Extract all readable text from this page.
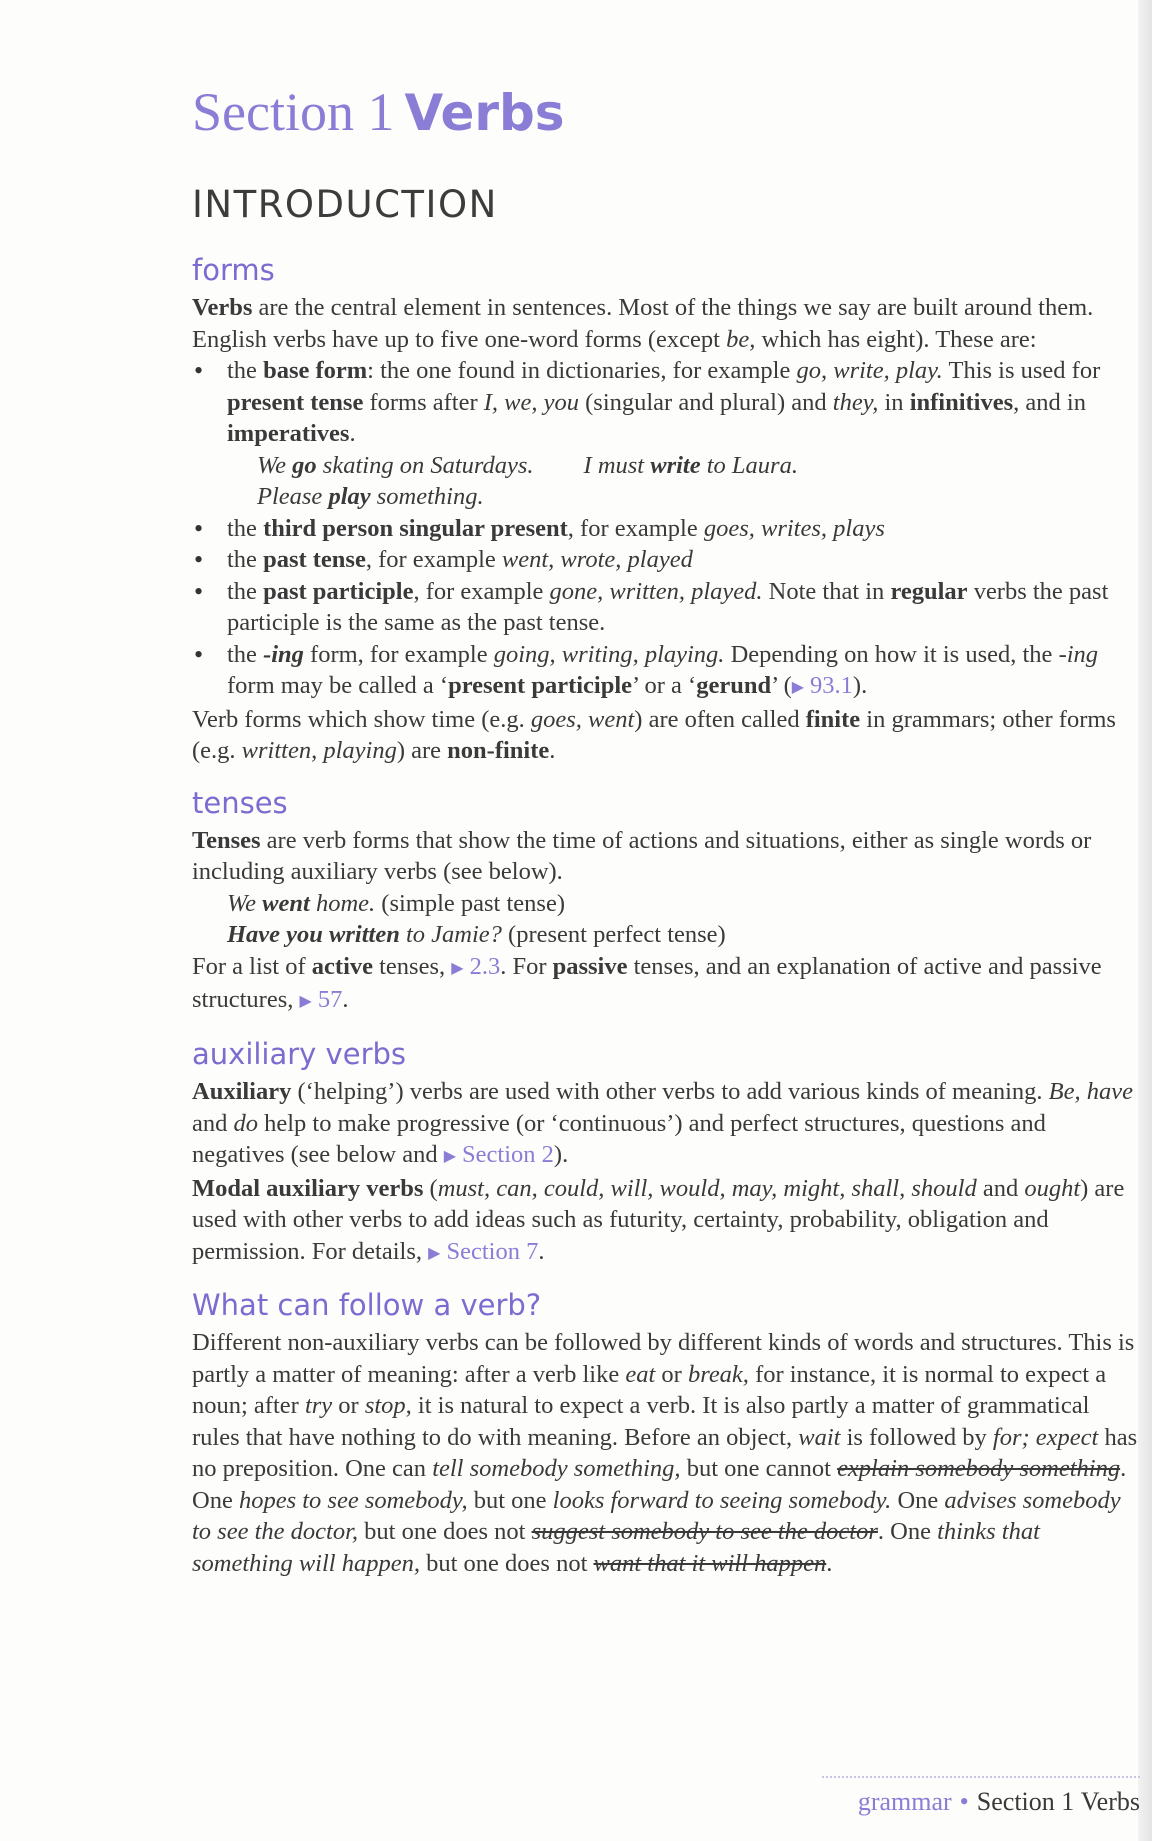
Section 1 Verbs
INTRODUCTION
forms

Verbs are the central element in sentences. Most of the things we say are built around them. English verbs have up to five one-word forms (except be, which has eight). These are:

• the base form: the one found in dictionaries, for example go, write, play. This is used for present tense forms after I, we, you (singular and plural) and they, in infinitives, and in imperatives.
We go skating on Saturdays. I must write to Laura.
Please play something.
• the third person singular present, for example goes, writes, plays
• the past tense, for example went, wrote, played
• the past participle, for example gone, written, played. Note that in regular verbs the past participle is the same as the past tense.
• the -ing form, for example going, writing, playing. Depending on how it is used, the -ing form may be called a ‘present participle’ or a ‘gerund’ (▶ 93.1).

Verb forms which show time (e.g. goes, went) are often called finite in grammars; other forms (e.g. written, playing) are non-finite.

tenses

Tenses are verb forms that show the time of actions and situations, either as single words or including auxiliary verbs (see below).

We went home. (simple past tense)
Have you written to Jamie? (present perfect tense)

For a list of active tenses, ▶ 2.3. For passive tenses, and an explanation of active and passive structures, ▶ 57.

auxiliary verbs

Auxiliary (‘helping’) verbs are used with other verbs to add various kinds of meaning. Be, have and do help to make progressive (or ‘continuous’) and perfect structures, questions and negatives (see below and ▶ Section 2).

Modal auxiliary verbs (must, can, could, will, would, may, might, shall, should and ought) are used with other verbs to add ideas such as futurity, certainty, probability, obligation and permission. For details, ▶ Section 7.

What can follow a verb?

Different non-auxiliary verbs can be followed by different kinds of words and structures. This is partly a matter of meaning: after a verb like eat or break, for instance, it is normal to expect a noun; after try or stop, it is natural to expect a verb. It is also partly a matter of grammatical rules that have nothing to do with meaning. Before an object, wait is followed by for; expect has no preposition. One can tell somebody something, but one cannot explain somebody something. One hopes to see somebody, but one looks forward to seeing somebody. One advises somebody to see the doctor, but one does not suggest somebody to see the doctor. One thinks that something will happen, but one does not want that it will happen.

grammar • Section 1 Verbs
